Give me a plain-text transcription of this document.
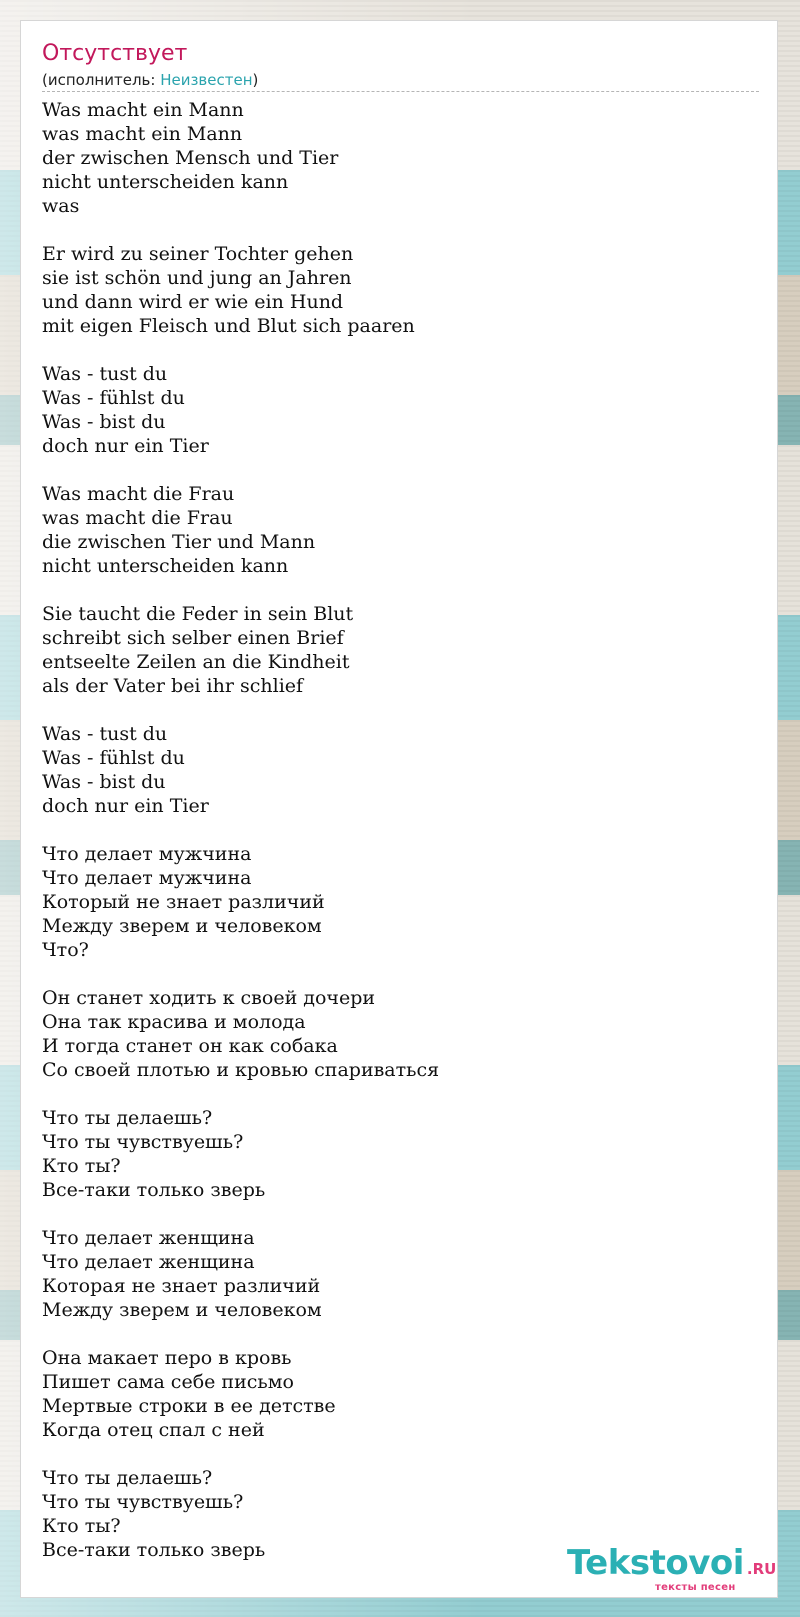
Отсутствует
(исполнитель: Неизвестен)
Was macht ein Mann
was macht ein Mann
der zwischen Mensch und Tier
nicht unterscheiden kann
was
Er wird zu seiner Tochter gehen
sie ist schön und jung an Jahren
und dann wird er wie ein Hund
mit eigen Fleisch und Blut sich paaren
Was - tust du
Was - fühlst du
Was - bist du
doch nur ein Tier
Was macht die Frau
was macht die Frau
die zwischen Tier und Mann
nicht unterscheiden kann
Sie taucht die Feder in sein Blut
schreibt sich selber einen Brief
entseelte Zeilen an die Kindheit
als der Vater bei ihr schlief
Was - tust du
Was - fühlst du
Was - bist du
doch nur ein Tier
Что делает мужчина
Что делает мужчина
Который не знает различий
Между зверем и человеком
Что?
Он станет ходить к своей дочери
Она так красива и молода
И тогда станет он как собака
Со своей плотью и кровью спариваться
Что ты делаешь?
Что ты чувствуешь?
Кто ты?
Все-таки только зверь
Что делает женщина
Что делает женщина
Которая не знает различий
Между зверем и человеком
Она макает перо в кровь
Пишет сама себе письмо
Мертвые строки в ее детстве
Когда отец спал с ней
Что ты делаешь?
Что ты чувствуешь?
Кто ты?
Все-таки только зверь	Tekstovoi .RU
тексты песен
